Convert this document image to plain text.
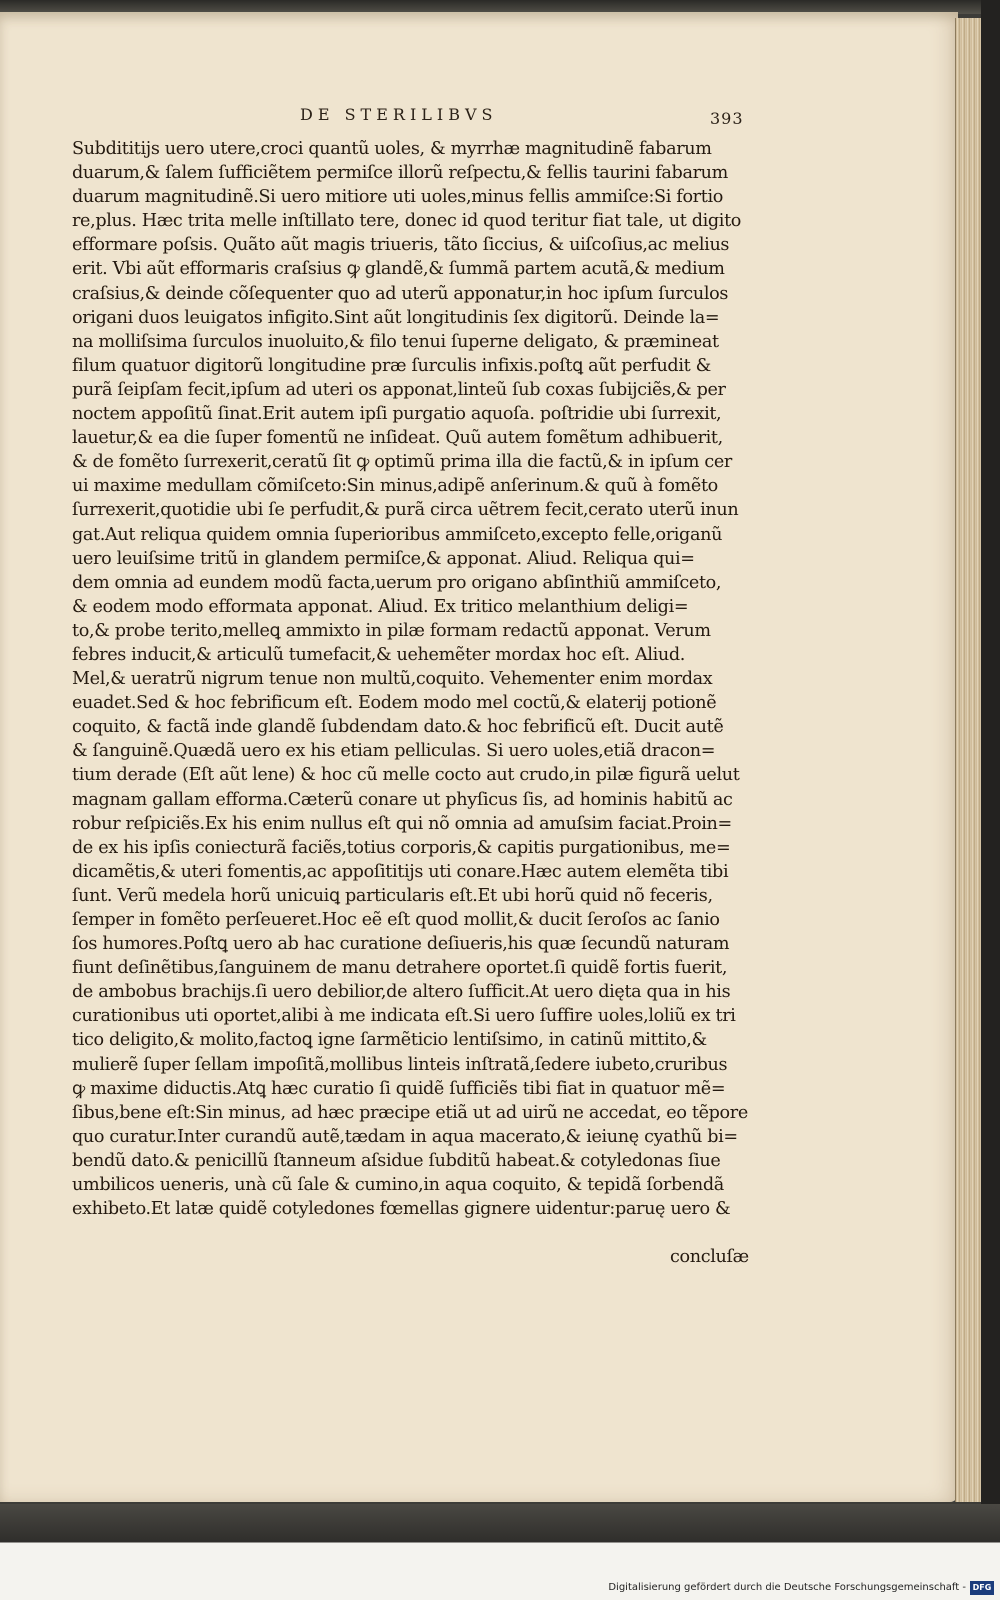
DE STERILIBVS	393
Subdititijs uero utere,croci quantũ uoles, & myrrhæ magnitudinẽ fabarum
duarum,& ſalem ſufficiẽtem permiſce illorũ reſpectu,& fellis taurini fabarum
duarum magnitudinẽ.Si uero mitiore uti uoles,minus fellis ammiſce:Si fortio
re,plus. Hæc trita melle inſtillato tere, donec id quod teritur fiat tale, ut digito
efformare poſsis. Quãto aũt magis triueris, tãto ſiccius, & uiſcoſius,ac melius
erit. Vbi aũt efformaris craſsius ꝙ glandẽ,& ſummã partem acutã,& medium
craſsius,& deinde cõſequenter quo ad uterũ apponatur,in hoc ipſum ſurculos
origani duos leuigatos infigito.Sint aũt longitudinis ſex digitorũ. Deinde la=
na molliſsima ſurculos inuoluito,& filo tenui ſuperne deligato, & præmineat
filum quatuor digitorũ longitudine præ ſurculis infixis.poſtꝗ aũt perfudit &
purã ſeipſam fecit,ipſum ad uteri os apponat,linteũ ſub coxas ſubijciẽs,& per
noctem appoſitũ ſinat.Erit autem ipſi purgatio aquoſa. poſtridie ubi ſurrexit,
lauetur,& ea die ſuper fomentũ ne inſideat. Quũ autem fomẽtum adhibuerit,
& de fomẽto ſurrexerit,ceratũ ſit ꝙ optimũ prima illa die factũ,& in ipſum cer
ui maxime medullam cõmiſceto:Sin minus,adipẽ anſerinum.& quũ à fomẽto
ſurrexerit,quotidie ubi ſe perfudit,& purã circa uẽtrem fecit,cerato uterũ inun
gat.Aut reliqua quidem omnia ſuperioribus ammiſceto,excepto felle,origanũ
uero leuiſsime tritũ in glandem permiſce,& apponat. Aliud. Reliqua qui=
dem omnia ad eundem modũ facta,uerum pro origano abſinthiũ ammiſceto,
& eodem modo efformata apponat. Aliud. Ex tritico melanthium deligi=
to,& probe terito,melleꝗ ammixto in pilæ formam redactũ apponat. Verum
febres inducit,& articulũ tumefacit,& uehemẽter mordax hoc eſt. Aliud.
Mel,& ueratrũ nigrum tenue non multũ,coquito. Vehementer enim mordax
euadet.Sed & hoc febrificum eſt. Eodem modo mel coctũ,& elaterij potionẽ
coquito, & factã inde glandẽ ſubdendam dato.& hoc febrificũ eſt. Ducit autẽ
& ſanguinẽ.Quædã uero ex his etiam pelliculas. Si uero uoles,etiã dracon=
tium derade (Eſt aũt lene) & hoc cũ melle cocto aut crudo,in pilæ figurã uelut
magnam gallam efforma.Cæterũ conare ut phyſicus ſis, ad hominis habitũ ac
robur reſpiciẽs.Ex his enim nullus eſt qui nõ omnia ad amuſsim faciat.Proin=
de ex his ipſis coniecturã faciẽs,totius corporis,& capitis purgationibus, me=
dicamẽtis,& uteri fomentis,ac appoſititijs uti conare.Hæc autem elemẽta tibi
ſunt. Verũ medela horũ unicuiꝗ particularis eſt.Et ubi horũ quid nõ feceris,
ſemper in fomẽto perſeueret.Hoc eẽ eſt quod mollit,& ducit ſeroſos ac ſanio
ſos humores.Poſtꝗ uero ab hac curatione deſiueris,his quæ ſecundũ naturam
fiunt deſinẽtibus,ſanguinem de manu detrahere oportet.ſi quidẽ fortis fuerit,
de ambobus brachijs.ſi uero debilior,de altero ſufficit.At uero dięta qua in his
curationibus uti oportet,alibi à me indicata eſt.Si uero ſuffire uoles,loliũ ex tri
tico deligito,& molito,factoꝗ igne ſarmẽticio lentiſsimo, in catinũ mittito,&
mulierẽ ſuper ſellam impoſitã,mollibus linteis inſtratã,ſedere iubeto,cruribus
ꝙ maxime diductis.Atꝗ hæc curatio ſi quidẽ ſufficiẽs tibi fiat in quatuor mẽ=
ſibus,bene eſt:Sin minus, ad hæc præcipe etiã ut ad uirũ ne accedat, eo tẽpore
quo curatur.Inter curandũ autẽ,tædam in aqua macerato,& ieiunę cyathũ bi=
bendũ dato.& penicillũ ſtanneum aſsidue ſubditũ habeat.& cotyledonas ſiue
umbilicos ueneris, unà cũ ſale & cumino,in aqua coquito, & tepidã ſorbendã
exhibeto.Et latæ quidẽ cotyledones fœmellas gignere uidentur:paruę uero &
concluſæ
Digitalisierung gefördert durch die Deutsche Forschungsgemeinschaft - DFG
